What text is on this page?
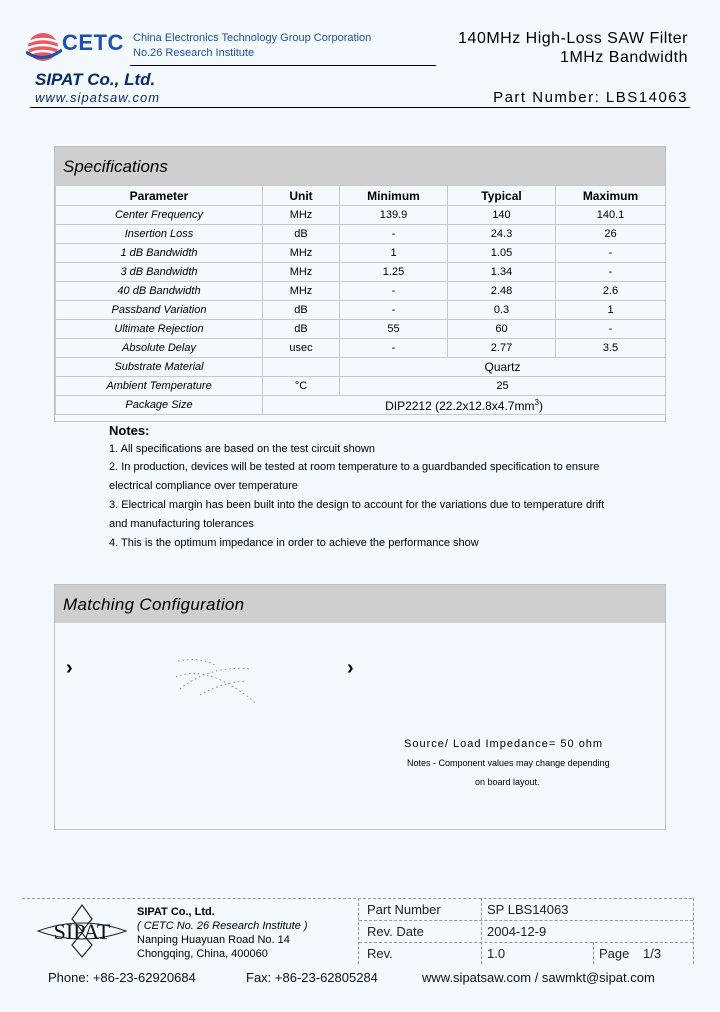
CETC China Electronics Technology Group Corporation
No.26 Research Institute
SIPAT Co., Ltd.
www.sipatsaw.com
140MHz High-Loss SAW Filter
1MHz Bandwidth
Part Number: LBS14063
Specifications
Parameter	Unit	Minimum	Typical	Maximum
Center Frequency	MHz	139.9	140	140.1
Insertion Loss	dB	-	24.3	26
1 dB Bandwidth	MHz	1	1.05	-
3 dB Bandwidth	MHz	1.25	1.34	-
40 dB Bandwidth	MHz	-	2.48	2.6
Passband Variation	dB	-	0.3	1
Ultimate Rejection	dB	55	60	-
Absolute Delay	usec	-	2.77	3.5
Substrate Material		Quartz		
Ambient Temperature	°C	25		
Package Size	DIP2212 $(22.2x12.8x4.7mm^3)$			
Notes:
1. All specifications are based on the test circuit shown
2. In production, devices will be tested at room temperature to a guardbanded specification to ensure
electrical compliance over temperature
3. Electrical margin has been built into the design to account for the variations due to temperature drift
and manufacturing tolerances
4. This is the optimum impedance in order to achieve the performance show
Matching Configuration
›	›
Source/ Load Impedance= 50 ohm
Notes - Component values may change depending
on board layout.
SIPAT
SIPAT Co., Ltd.
( CETC No. 26 Research Institute )
Nanping Huayuan Road No. 14
Chongqing, China, 400060
Part Number	SP LBS14063
Rev. Date	2004-12-9
Rev.	1.0	Page 1/3
Phone: +86-23-62920684	Fax: +86-23-62805284	www.sipatsaw.com / sawmkt@sipat.com
